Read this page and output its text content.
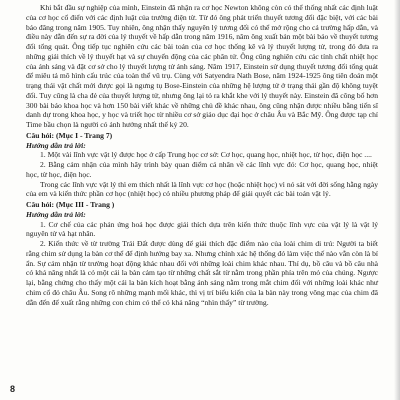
Khi bắt đầu sự nghiệp của mình, Einstein đã nhận ra cơ học Newton không còn có thể thống nhất các định luật của cơ học cổ điển với các định luật của trường điện từ. Từ đó ông phát triển thuyết tương đối đặc biệt, với các bài báo đăng trong năm 1905. Tuy nhiên, ông nhận thấy nguyên lý tương đối có thể mở rộng cho cả trường hấp dẫn, và điều này dẫn đến sự ra đời của lý thuyết về hấp dẫn trong năm 1916, năm ông xuất bản một bài báo về thuyết tương đối tổng quát. Ông tiếp tục nghiên cứu các bài toán của cơ học thống kê và lý thuyết lượng tử, trong đó đưa ra những giải thích về lý thuyết hạt và sự chuyển động của các phân tử. Ông cũng nghiên cứu các tính chất nhiệt học của ánh sáng và đặt cơ sở cho lý thuyết lượng tử ánh sáng. Năm 1917, Einstein sử dụng thuyết tương đối tổng quát để miêu tả mô hình cấu trúc của toàn thể vũ trụ. Cùng với Satyendra Nath Bose, năm 1924-1925 ông tiên đoán một trạng thái vật chất mới được gọi là ngưng tụ Bose-Einstein của những hệ lượng tử ở trạng thái gần độ không tuyệt đối. Tuy cũng là cha đẻ của thuyết lượng tử, nhưng ông lại tỏ ra khắt khe với lý thuyết này. Einstein đã công bố hơn 300 bài báo khoa học và hơn 150 bài viết khác về những chủ đề khác nhau, ông cũng nhận được nhiều bằng tiến sĩ danh dự trong khoa học, y học và triết học từ nhiều cơ sở giáo dục đại học ở châu Âu và Bắc Mỹ. Ông được tạp chí Time bầu chọn là người có ảnh hưởng nhất thế kỷ 20.

Câu hỏi: (Mục I - Trang 7)

Hướng dẫn trả lời:

1. Một vài lĩnh vực vật lý được học ở cấp Trung học cơ sở: Cơ học, quang học, nhiệt học, từ học, điện học ....

2. Bằng cảm nhận của mình hãy trình bày quan điểm cá nhân về các lĩnh vực đó: Cơ học, quang học, nhiệt học, từ học, điện học.

Trong các lĩnh vực vật lý thì em thích nhất là lĩnh vực cơ học (hoặc nhiệt học) vì nó sát với đời sống hằng ngày của em và kiến thức phần cơ học (nhiệt học) có nhiều phương pháp để giải quyết các bài toán vật lý.

Câu hỏi: (Mục III - Trang )

Hướng dẫn trả lời:

1. Cơ chế của các phản ứng hoá học được giải thích dựa trên kiến thức thuộc lĩnh vực của vật lý là vật lý nguyên tử và hạt nhân.

2. Kiến thức về từ trường Trái Đất được dùng để giải thích đặc điểm nào của loài chim di trú: Người ta biết rằng chim sử dụng la bàn cơ thể để định hướng bay xa. Nhưng chính xác hệ thống đó làm việc thế nào vẫn còn là bí ẩn. Sự cảm nhận từ trường hoạt động khác nhau đối với những loài chim khác nhau. Thí dụ, bồ câu và bồ câu nhà có khả năng nhất là có một cái la bàn cảm tạo từ những chất sắt từ nằm trong phần phía trên mỏ của chúng. Ngược lại, bằng chứng cho thấy một cái la bàn kích hoạt bằng ánh sáng nằm trong mắt chim đối với những loài khác như chim cổ đỏ châu Âu. Song rõ những mạnh mối khác, thì vị trí biểu kiến của la bàn này trong võng mạc của chim đã dẫn đến để xuất rằng những con chim có thể có khả năng “nhìn thấy” từ trường.

8
